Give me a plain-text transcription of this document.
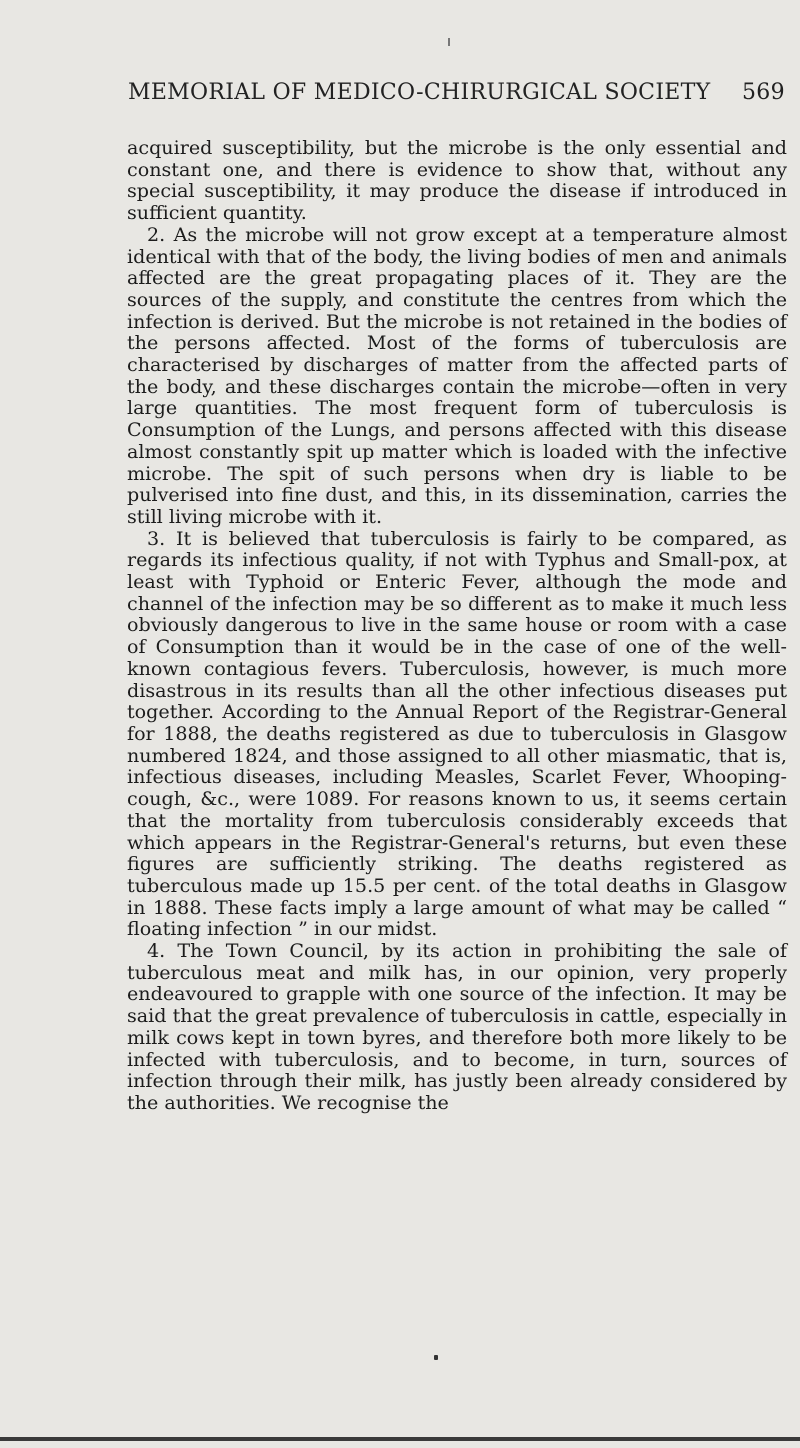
MEMORIAL OF MEDICO-CHIRURGICAL SOCIETY 569

acquired susceptibility, but the microbe is the only essential and constant one, and there is evidence to show that, without any special susceptibility, it may produce the disease if introduced in sufficient quantity.

2. As the microbe will not grow except at a temperature almost identical with that of the body, the living bodies of men and animals affected are the great propagating places of it. They are the sources of the supply, and constitute the centres from which the infection is derived. But the microbe is not retained in the bodies of the persons affected. Most of the forms of tuberculosis are characterised by discharges of matter from the affected parts of the body, and these discharges contain the microbe—often in very large quantities. The most frequent form of tuberculosis is Consumption of the Lungs, and persons affected with this disease almost constantly spit up matter which is loaded with the infective microbe. The spit of such persons when dry is liable to be pulverised into fine dust, and this, in its dissemination, carries the still living microbe with it.

3. It is believed that tuberculosis is fairly to be compared, as regards its infectious quality, if not with Typhus and Small-pox, at least with Typhoid or Enteric Fever, although the mode and channel of the infection may be so different as to make it much less obviously dangerous to live in the same house or room with a case of Consumption than it would be in the case of one of the well-known contagious fevers. Tuberculosis, however, is much more disastrous in its results than all the other infectious diseases put together. According to the Annual Report of the Registrar-General for 1888, the deaths registered as due to tuberculosis in Glasgow numbered 1824, and those assigned to all other miasmatic, that is, infectious diseases, including Measles, Scarlet Fever, Whooping-cough, &c., were 1089. For reasons known to us, it seems certain that the mortality from tuberculosis considerably exceeds that which appears in the Registrar-General's returns, but even these figures are sufficiently striking. The deaths registered as tuberculous made up 15.5 per cent. of the total deaths in Glasgow in 1888. These facts imply a large amount of what may be called “ floating infection ” in our midst.

4. The Town Council, by its action in prohibiting the sale of tuberculous meat and milk has, in our opinion, very properly endeavoured to grapple with one source of the infection. It may be said that the great prevalence of tuberculosis in cattle, especially in milk cows kept in town byres, and therefore both more likely to be infected with tuberculosis, and to become, in turn, sources of infection through their milk, has justly been already considered by the authorities. We recognise the
